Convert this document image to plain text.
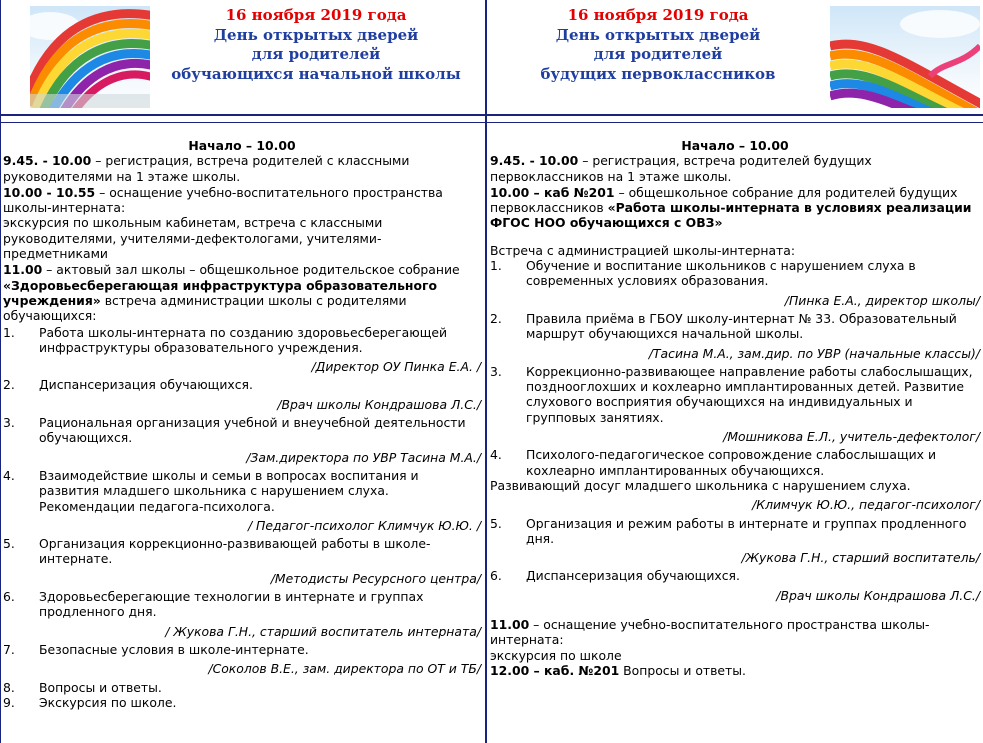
16 ноября 2019 года
День открытых дверей
для родителей
обучающихся начальной школы
16 ноября 2019 года
День открытых дверей
для родителей
будущих первоклассников
Начало – 10.00
9.45. - 10.00 – регистрация, встреча родителей с классными руководителями на 1 этаже школы.
10.00 - 10.55 – оснащение учебно-воспитательного пространства школы-интерната:
экскурсия по школьным кабинетам, встреча с классными руководителями, учителями-дефектологами, учителями-предметниками
11.00 – актовый зал школы – общешкольное родительское собрание «Здоровьесберегающая инфраструктура образовательного учреждения» встреча администрации школы с родителями обучающихся:
1.	Работа школы-интерната по созданию здоровьесберегающей инфраструктуры образовательного учреждения.
/Директор ОУ Пинка Е.А. /
2.	Диспансеризация обучающихся.
/Врач школы Кондрашова Л.С./
3.	Рациональная организация учебной и внеучебной деятельности обучающихся.
/Зам.директора по УВР Тасина М.А./
4.	Взаимодействие школы и семьи в вопросах воспитания и развития младшего школьника с нарушением слуха. Рекомендации педагога-психолога.
/ Педагог-психолог Климчук Ю.Ю. /
5.	Организация коррекционно-развивающей работы в школе-интернате.
/Методисты Ресурсного центра/
6.	Здоровьесберегающие технологии в интернате и группах продленного дня.
/ Жукова Г.Н., старший воспитатель интерната/
7.	Безопасные условия в школе-интернате.
/Соколов В.Е., зам. директора по ОТ и ТБ/
8.	Вопросы и ответы.
9.	Экскурсия по школе.
Начало – 10.00
9.45. - 10.00 – регистрация, встреча родителей будущих первоклассников на 1 этаже школы.
10.00 – каб №201 – общешкольное собрание для родителей будущих первоклассников «Работа школы-интерната в условиях реализации ФГОС НОО обучающихся с ОВЗ»
Встреча с администрацией школы-интерната:
1.	Обучение и воспитание школьников с нарушением слуха в современных условиях образования.
/Пинка Е.А., директор школы/
2.	Правила приёма в ГБОУ школу-интернат № 33. Образовательный маршрут обучающихся начальной школы.
/Тасина М.А., зам.дир. по УВР (начальные классы)/
3.	Коррекционно-развивающее направление работы слабослышащих, позднооглохших и кохлеарно имплантированных детей. Развитие слухового восприятия обучающихся на индивидуальных и групповых занятиях.
/Мошникова Е.Л., учитель-дефектолог/
4.	Психолого-педагогическое сопровождение слабослышащих и кохлеарно имплантированных обучающихся.
Развивающий досуг младшего школьника с нарушением слуха.
/Климчук Ю.Ю., педагог-психолог/
5.	Организация и режим работы в интернате и группах продленного дня.
/Жукова Г.Н., старший воспитатель/
6.	Диспансеризация обучающихся.
/Врач школы Кондрашова Л.С./
11.00 – оснащение учебно-воспитательного пространства школы-интерната:
экскурсия по школе
12.00 – каб. №201 Вопросы и ответы.
